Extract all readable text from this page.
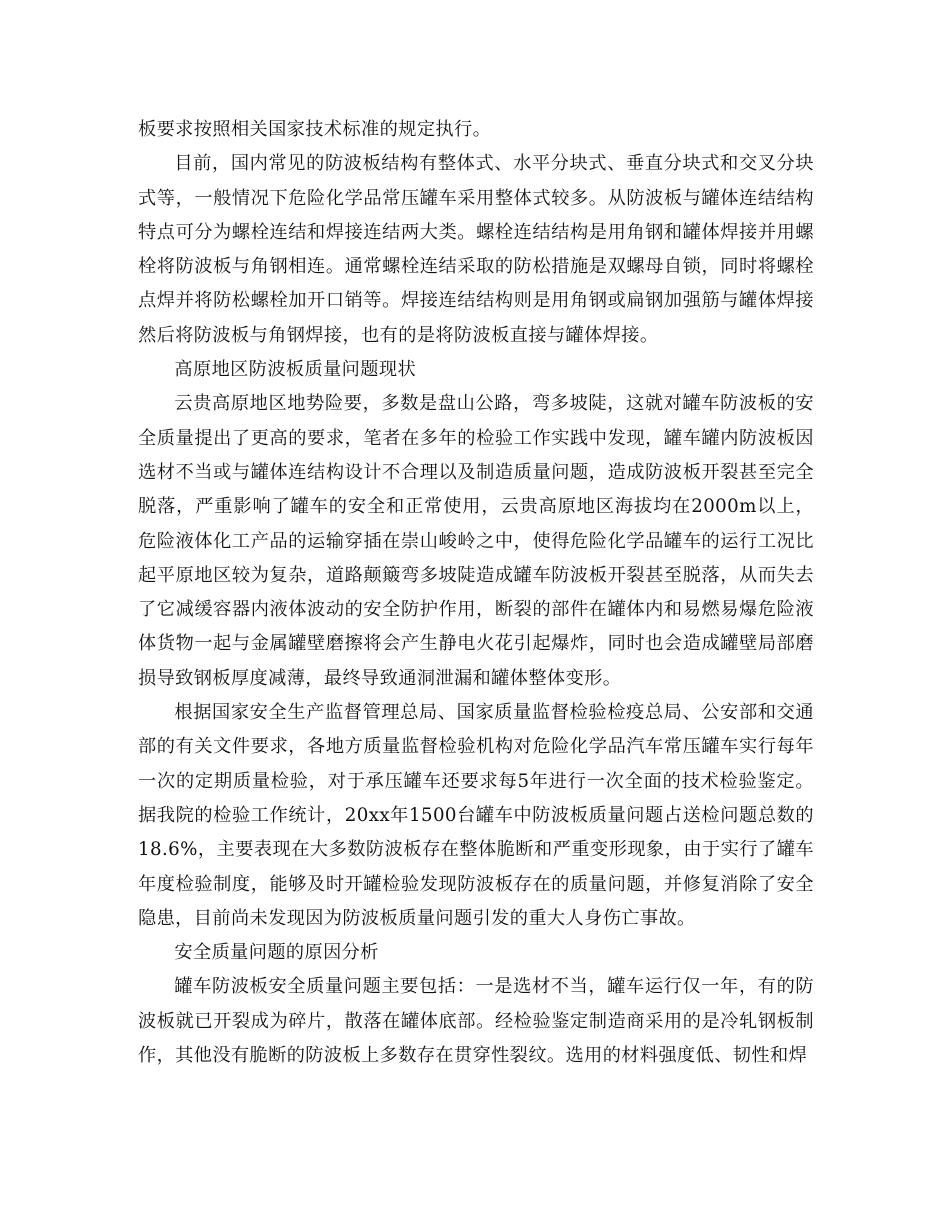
板要求按照相关国家技术标准的规定执行。

目前，国内常见的防波板结构有整体式、水平分块式、垂直分块式和交叉分块式等，一般情况下危险化学品常压罐车采用整体式较多。从防波板与罐体连结结构特点可分为螺栓连结和焊接连结两大类。螺栓连结结构是用角钢和罐体焊接并用螺栓将防波板与角钢相连。通常螺栓连结采取的防松措施是双螺母自锁，同时将螺栓点焊并将防松螺栓加开口销等。焊接连结结构则是用角钢或扁钢加强筋与罐体焊接然后将防波板与角钢焊接，也有的是将防波板直接与罐体焊接。

高原地区防波板质量问题现状

云贵高原地区地势险要，多数是盘山公路，弯多坡陡，这就对罐车防波板的安全质量提出了更高的要求，笔者在多年的检验工作实践中发现，罐车罐内防波板因选材不当或与罐体连结构设计不合理以及制造质量问题，造成防波板开裂甚至完全脱落，严重影响了罐车的安全和正常使用，云贵高原地区海拔均在2000m以上，危险液体化工产品的运输穿插在崇山峻岭之中，使得危险化学品罐车的运行工况比起平原地区较为复杂，道路颠簸弯多坡陡造成罐车防波板开裂甚至脱落，从而失去了它减缓容器内液体波动的安全防护作用，断裂的部件在罐体内和易燃易爆危险液体货物一起与金属罐壁磨擦将会产生静电火花引起爆炸，同时也会造成罐壁局部磨损导致钢板厚度减薄，最终导致通洞泄漏和罐体整体变形。

根据国家安全生产监督管理总局、国家质量监督检验检疫总局、公安部和交通部的有关文件要求，各地方质量监督检验机构对危险化学品汽车常压罐车实行每年一次的定期质量检验，对于承压罐车还要求每5年进行一次全面的技术检验鉴定。据我院的检验工作统计，20xx年1500台罐车中防波板质量问题占送检问题总数的18.6%，主要表现在大多数防波板存在整体脆断和严重变形现象，由于实行了罐车年度检验制度，能够及时开罐检验发现防波板存在的质量问题，并修复消除了安全隐患，目前尚未发现因为防波板质量问题引发的重大人身伤亡事故。

安全质量问题的原因分析

罐车防波板安全质量问题主要包括：一是选材不当，罐车运行仅一年，有的防波板就已开裂成为碎片，散落在罐体底部。经检验鉴定制造商采用的是冷轧钢板制作，其他没有脆断的防波板上多数存在贯穿性裂纹。选用的材料强度低、韧性和焊
